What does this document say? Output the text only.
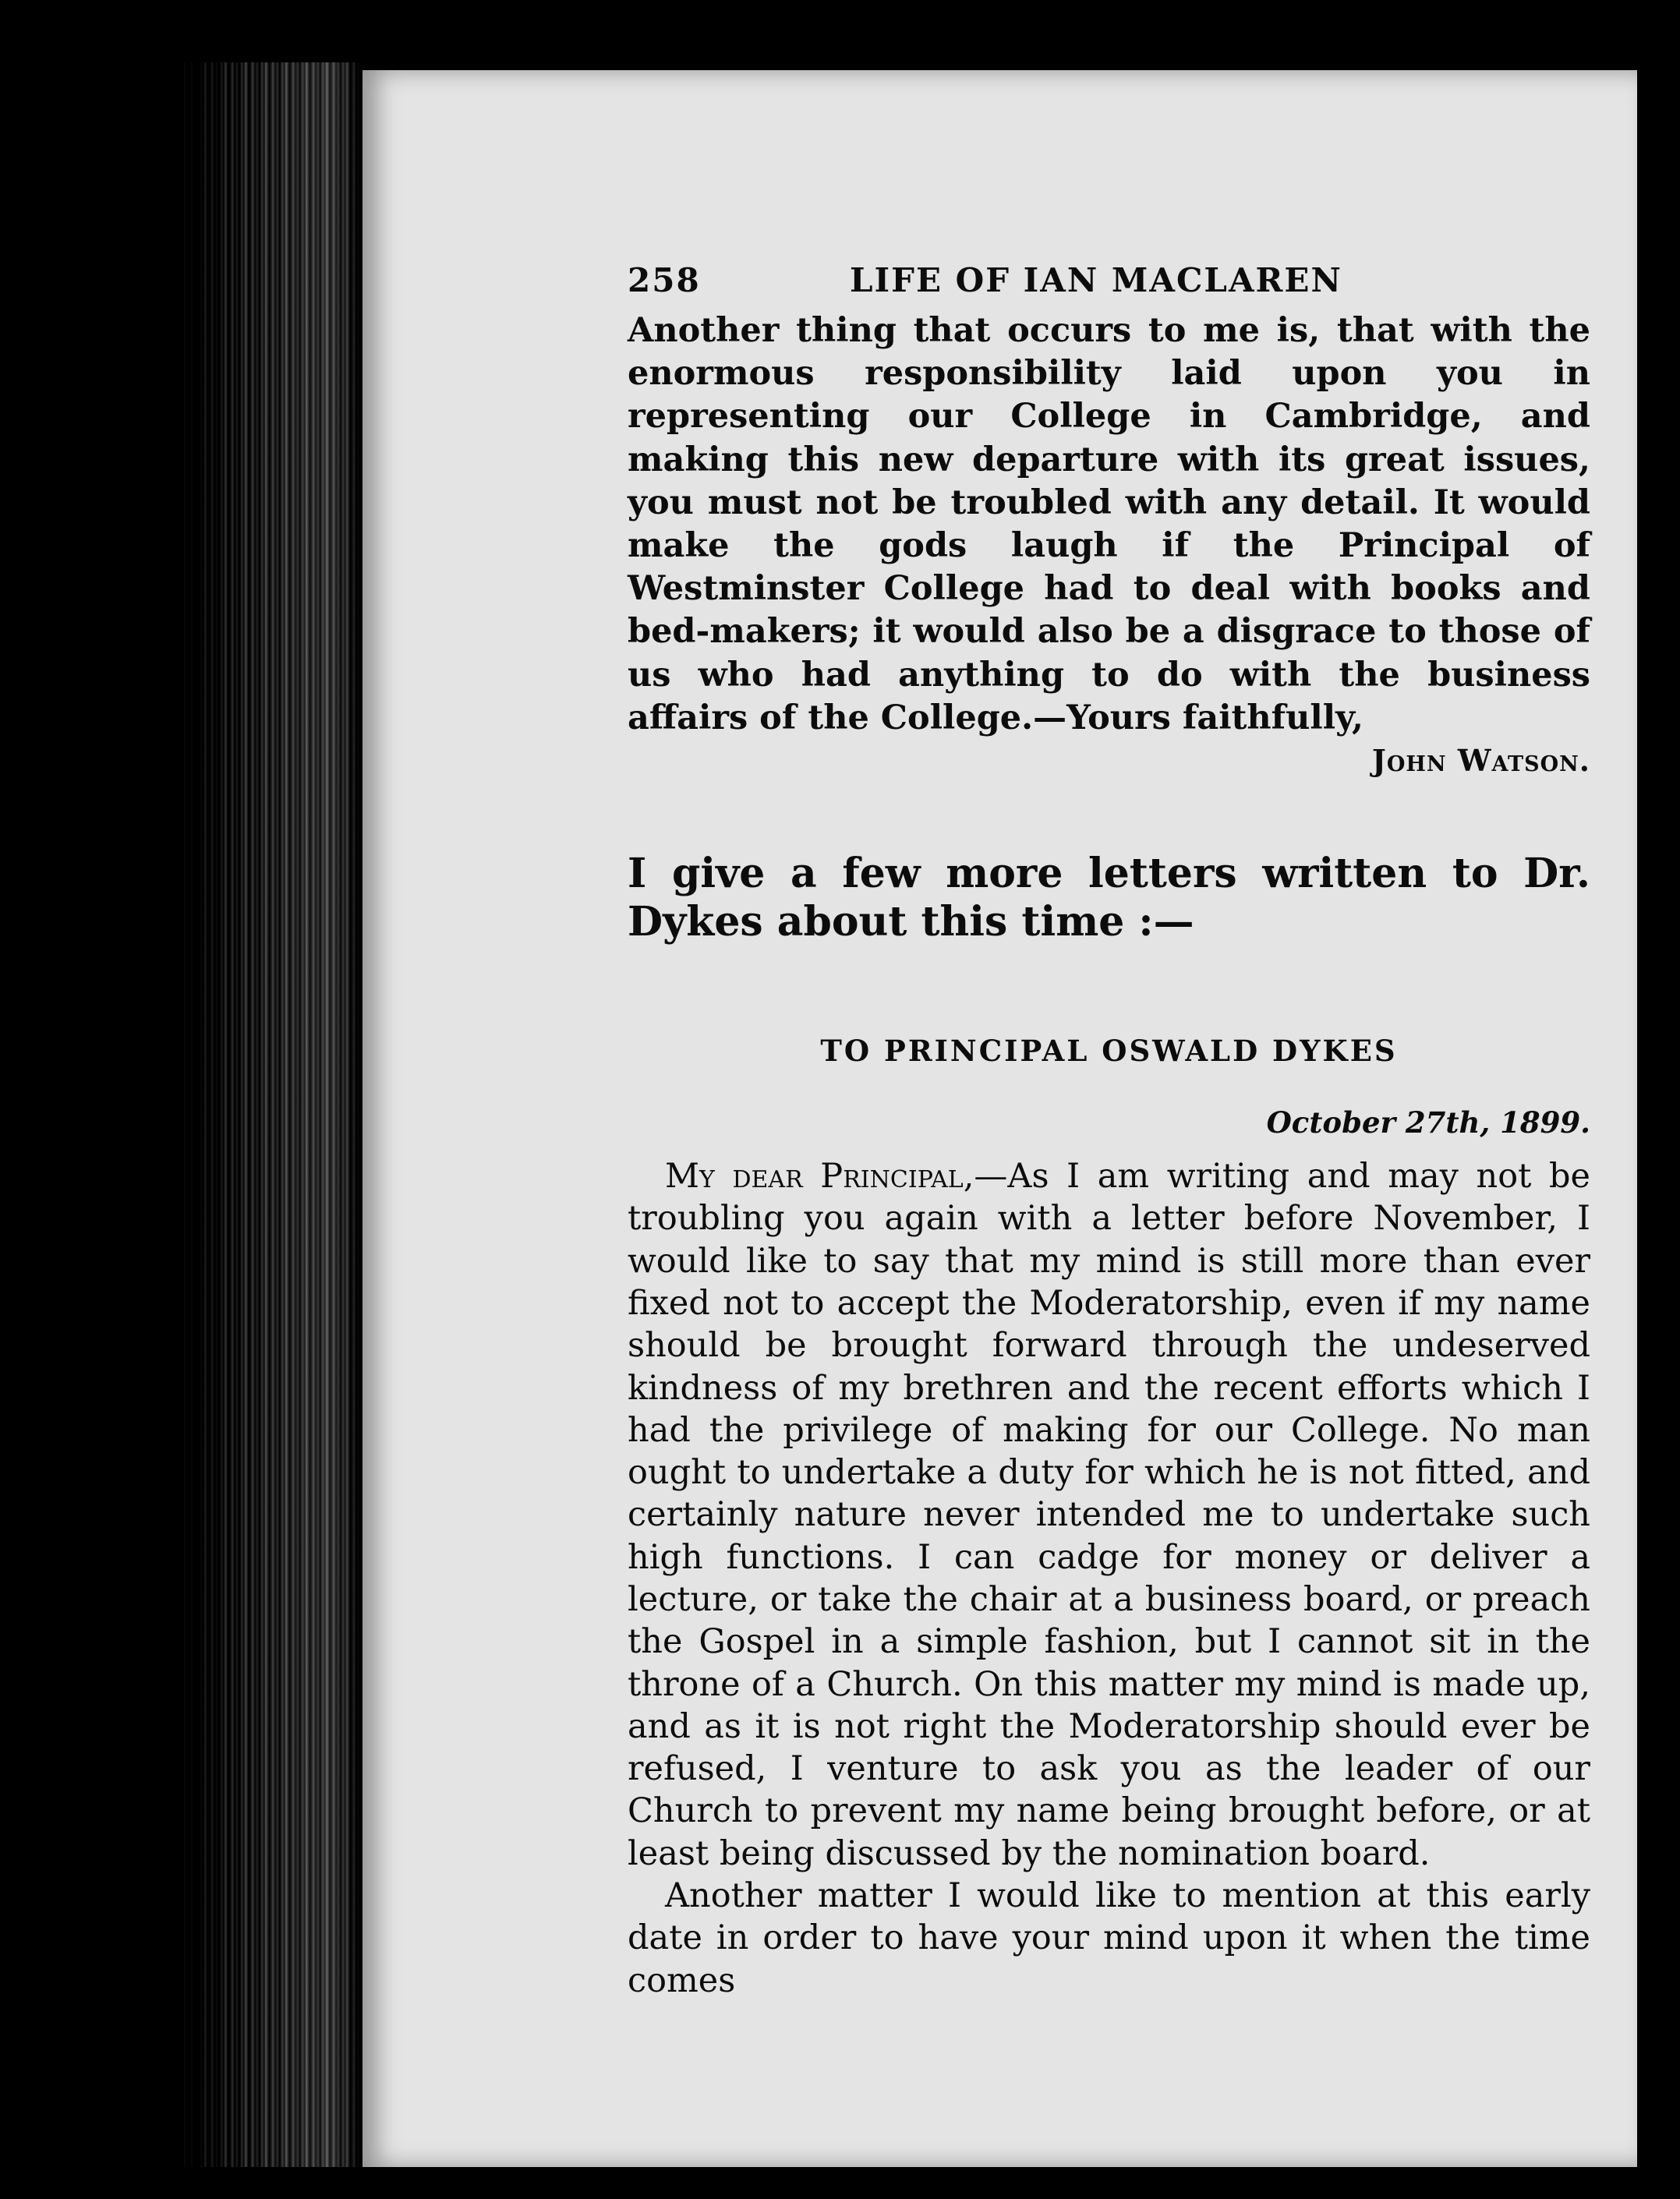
258	LIFE OF IAN MACLAREN

Another thing that occurs to me is, that with the enormous responsibility laid upon you in representing our College in Cambridge, and making this new departure with its great issues, you must not be troubled with any detail. It would make the gods laugh if the Principal of Westminster College had to deal with books and bed-makers; it would also be a disgrace to those of us who had anything to do with the business affairs of the College.—Yours faithfully,

John Watson.

I give a few more letters written to Dr. Dykes about this time :—

TO PRINCIPAL OSWALD DYKES

October 27th, 1899.

My dear Principal,—As I am writing and may not be troubling you again with a letter before November, I would like to say that my mind is still more than ever fixed not to accept the Moderatorship, even if my name should be brought forward through the undeserved kindness of my brethren and the recent efforts which I had the privilege of making for our College. No man ought to undertake a duty for which he is not fitted, and certainly nature never intended me to undertake such high functions. I can cadge for money or deliver a lecture, or take the chair at a business board, or preach the Gospel in a simple fashion, but I cannot sit in the throne of a Church. On this matter my mind is made up, and as it is not right the Moderatorship should ever be refused, I venture to ask you as the leader of our Church to prevent my name being brought before, or at least being discussed by the nomination board.

Another matter I would like to mention at this early date in order to have your mind upon it when the time comes
